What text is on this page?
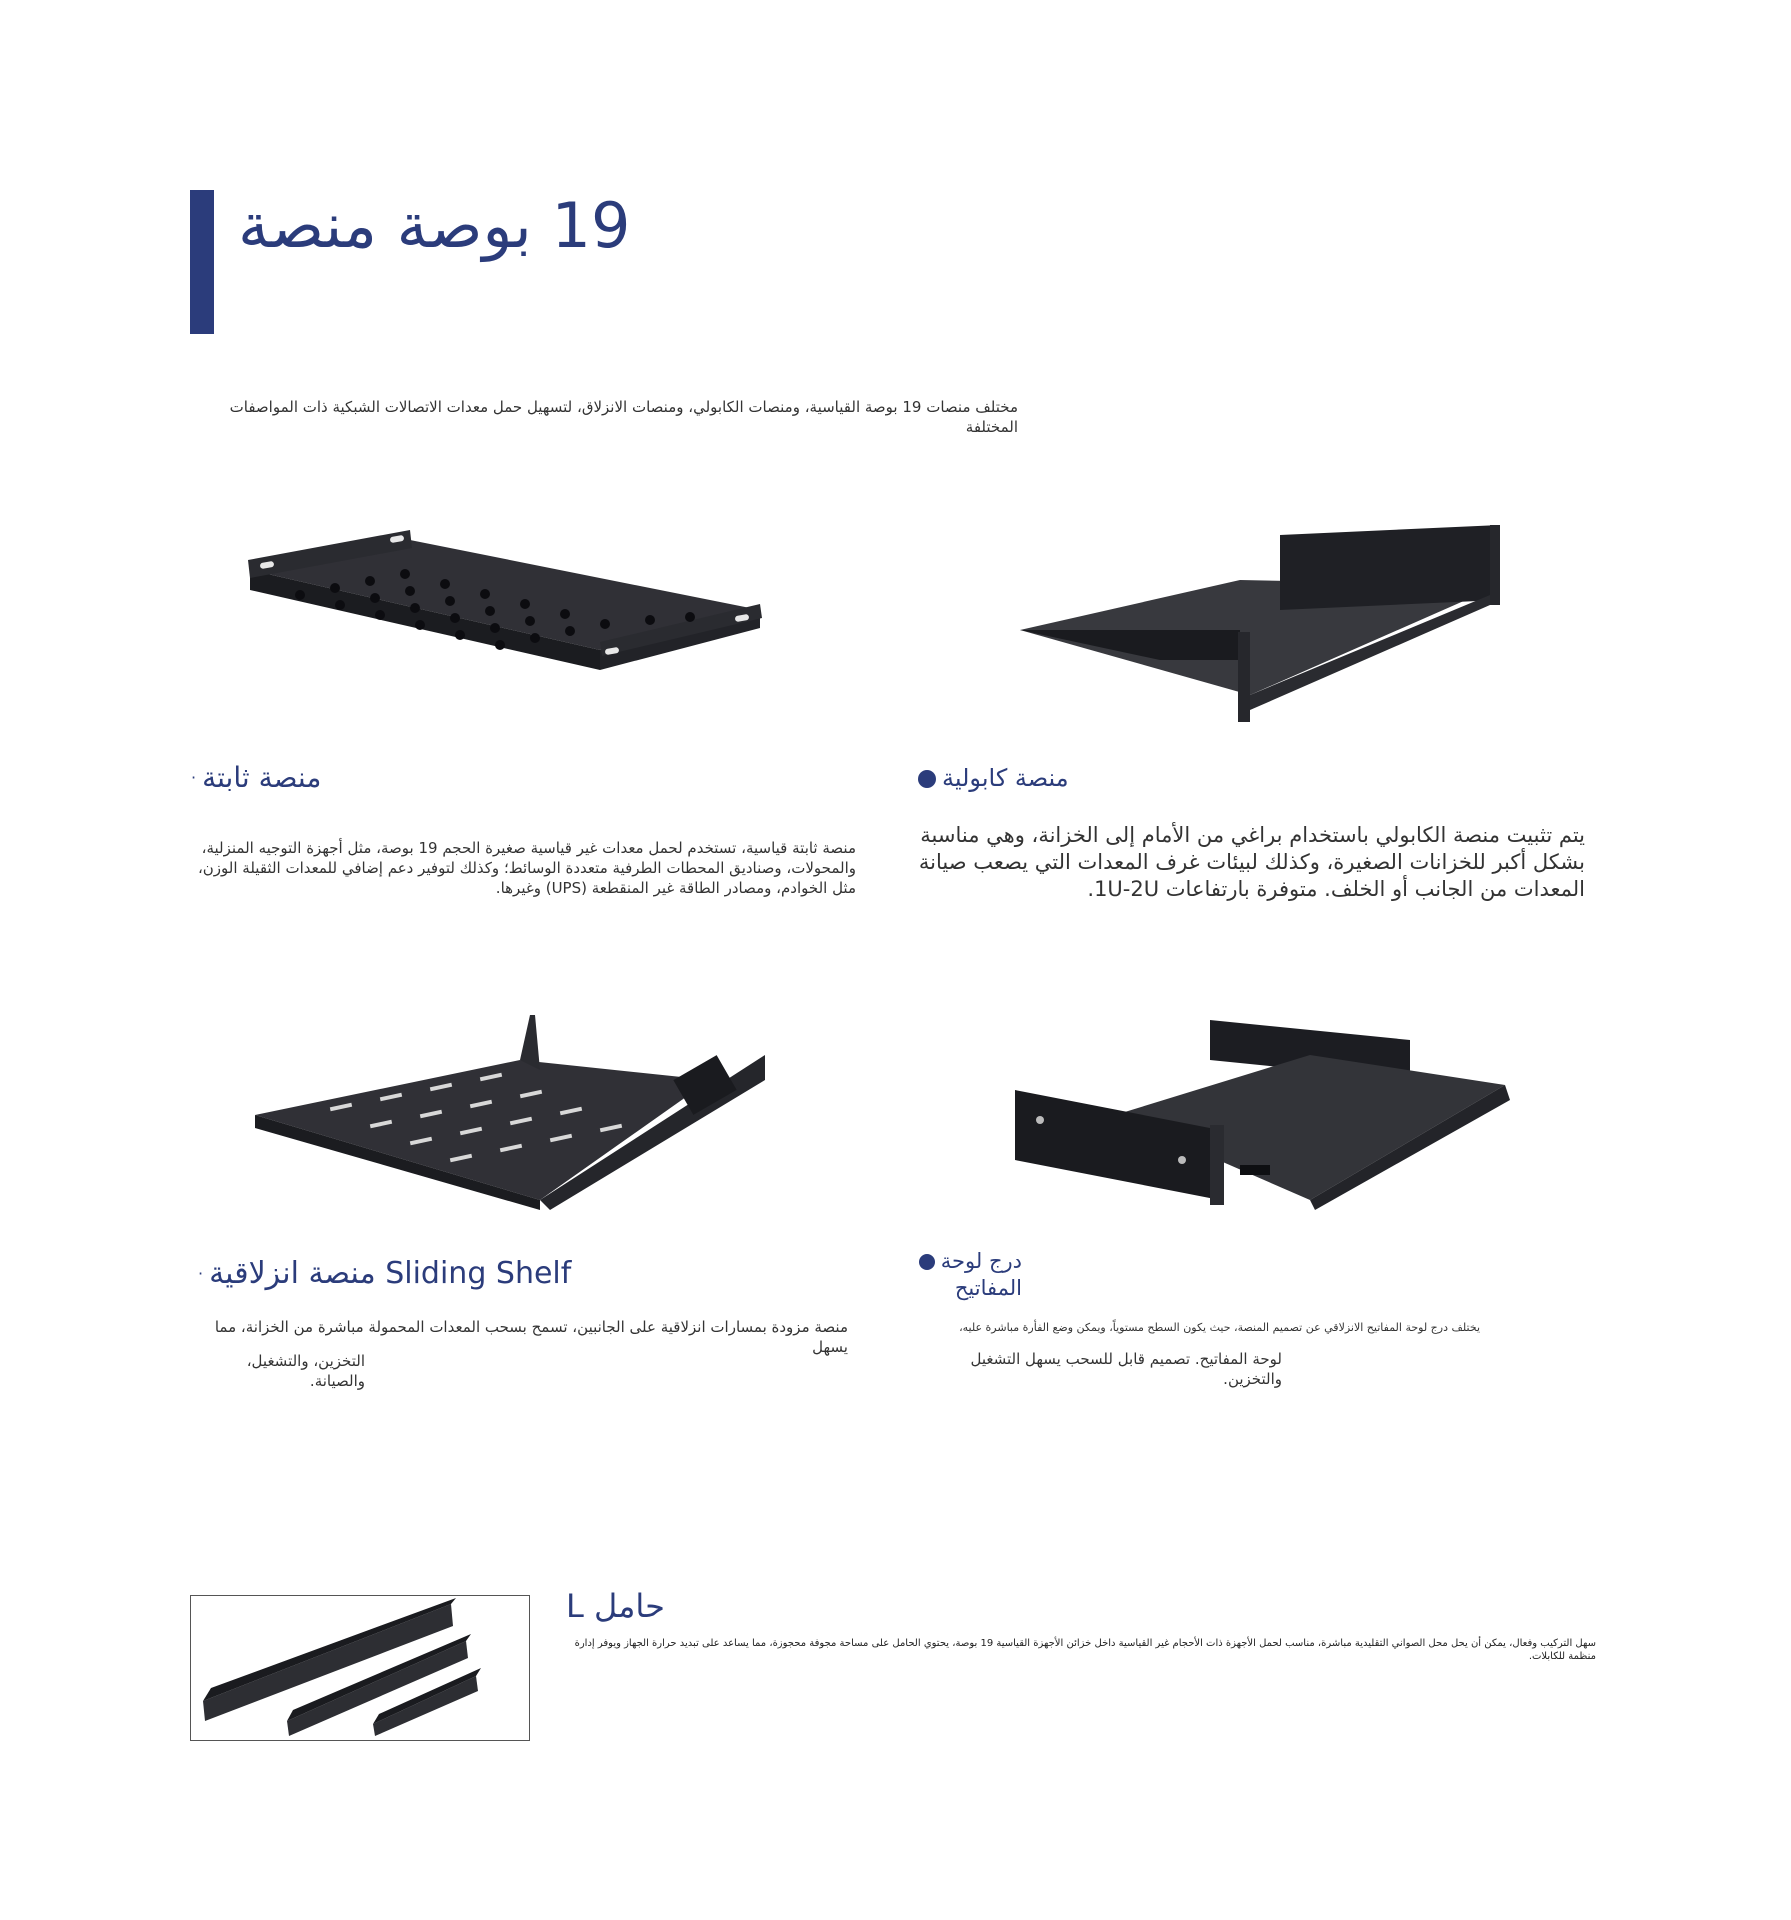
19 بوصة منصة
مختلف منصات 19 بوصة القياسية، ومنصات الكابولي، ومنصات الانزلاق، لتسهيل حمل معدات الاتصالات الشبكية ذات المواصفات المختلفة
منصة ثابتة·
منصة ثابتة قياسية، تستخدم لحمل معدات غير قياسية صغيرة الحجم 19 بوصة، مثل أجهزة التوجيه المنزلية، والمحولات، وصناديق المحطات الطرفية متعددة الوسائط؛ وكذلك لتوفير دعم إضافي للمعدات الثقيلة الوزن، مثل الخوادم، ومصادر الطاقة غير المنقطعة (UPS) وغيرها.
منصة كابولية
يتم تثبيت منصة الكابولي باستخدام براغي من الأمام إلى الخزانة، وهي مناسبة بشكل أكبر للخزانات الصغيرة، وكذلك لبيئات غرف المعدات التي يصعب صيانة المعدات من الجانب أو الخلف. متوفرة بارتفاعات 1U-2U.
Sliding Shelf منصة انزلاقية·
منصة مزودة بمسارات انزلاقية على الجانبين، تسمح بسحب المعدات المحمولة مباشرة من الخزانة، مما يسهل
التخزين، والتشغيل، والصيانة.
درج لوحة
المفاتيح
يختلف درج لوحة المفاتيح الانزلاقي عن تصميم المنصة، حيث يكون السطح مستوياً، ويمكن وضع الفأرة مباشرة عليه،
لوحة المفاتيح. تصميم قابل للسحب يسهل التشغيل والتخزين.
حامل L
سهل التركيب وفعال، يمكن أن يحل محل الصواني التقليدية مباشرة، مناسب لحمل الأجهزة ذات الأحجام غير القياسية داخل خزائن الأجهزة القياسية 19 بوصة، يحتوي الحامل على مساحة مجوفة محجوزة، مما يساعد على تبديد حرارة الجهاز ويوفر إدارة منظمة للكابلات.
